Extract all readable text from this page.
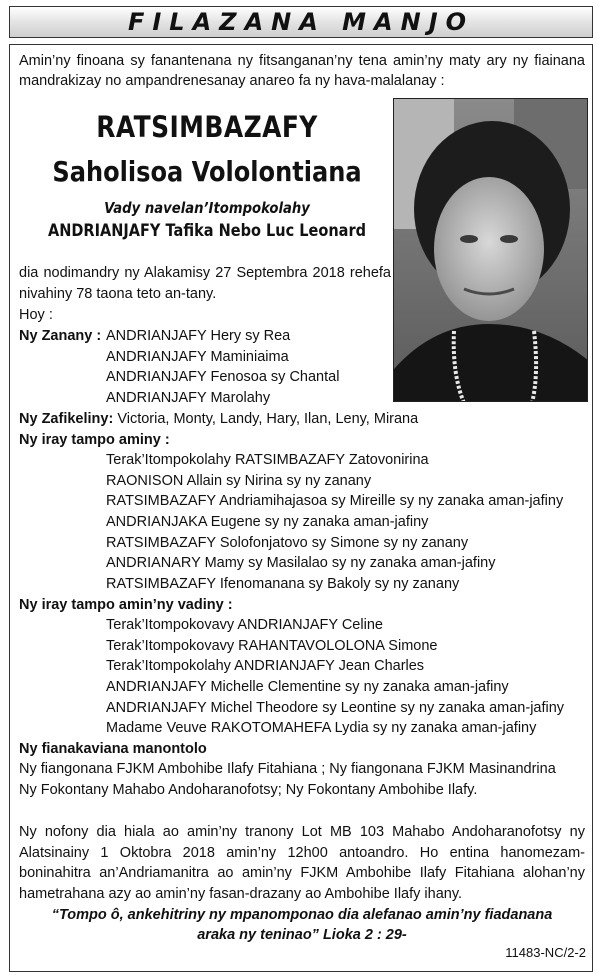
FILAZANA MANJO
Amin’ny finoana sy fanantenana ny fitsanganan’ny tena amin’ny maty ary ny fiainana mandrakizay no ampandrenesanay anareo fa ny hava-malalanay :
RATSIMBAZAFY
Saholisoa Vololontiana
Vady navelan’Itompokolahy
ANDRIANJAFY Tafika Nebo Luc Leonard
dia nodimandry ny Alakamisy 27 Septembra 2018 rehefa nivahiny 78 taona teto an-tany.
Hoy :
Ny Zanany : ANDRIANJAFY Hery sy Rea
ANDRIANJAFY Maminiaima
ANDRIANJAFY Fenosoa sy Chantal
ANDRIANJAFY Marolahy
Ny Zafikeliny: Victoria, Monty, Landy, Hary, Ilan, Leny, Mirana
Ny iray tampo aminy :
Terak’Itompokolahy RATSIMBAZAFY Zatovonirina
RAONISON Allain sy Nirina sy ny zanany
RATSIMBAZAFY Andriamihajasoa sy Mireille sy ny zanaka aman-jafiny
ANDRIANJAKA Eugene sy ny zanaka aman-jafiny
RATSIMBAZAFY Solofonjatovo sy Simone sy ny zanany
ANDRIANARY Mamy sy Masilalao sy ny zanaka aman-jafiny
RATSIMBAZAFY Ifenomanana sy Bakoly sy ny zanany
Ny iray tampo amin’ny vadiny :
Terak’Itompokovavy ANDRIANJAFY Celine
Terak’Itompokovavy RAHANTAVOLOLONA Simone
Terak’Itompokolahy ANDRIANJAFY Jean Charles
ANDRIANJAFY Michelle Clementine sy ny zanaka aman-jafiny
ANDRIANJAFY Michel Theodore sy Leontine sy ny zanaka aman-jafiny
Madame Veuve RAKOTOMAHEFA Lydia sy ny zanaka aman-jafiny
Ny fianakaviana manontolo
Ny fiangonana FJKM Ambohibe Ilafy Fitahiana ; Ny fiangonana FJKM Masinandrina
Ny Fokontany Mahabo Andoharanofotsy; Ny Fokontany Ambohibe Ilafy.
Ny nofony dia hiala ao amin’ny tranony Lot MB 103 Mahabo Andoharanofotsy ny Alatsinainy 1 Oktobra 2018 amin’ny 12h00 antoandro. Ho entina hanomezam-boninahitra an’Andriamanitra ao amin’ny FJKM Ambohibe Ilafy Fitahiana alohan’ny hametrahana azy ao amin’ny fasan-drazany ao Ambohibe Ilafy ihany.
“Tompo ô, ankehitriny ny mpanomponao dia alefanao amin’ny fiadanana
araka ny teninao” Lioka 2 : 29-
11483-NC/2-2
